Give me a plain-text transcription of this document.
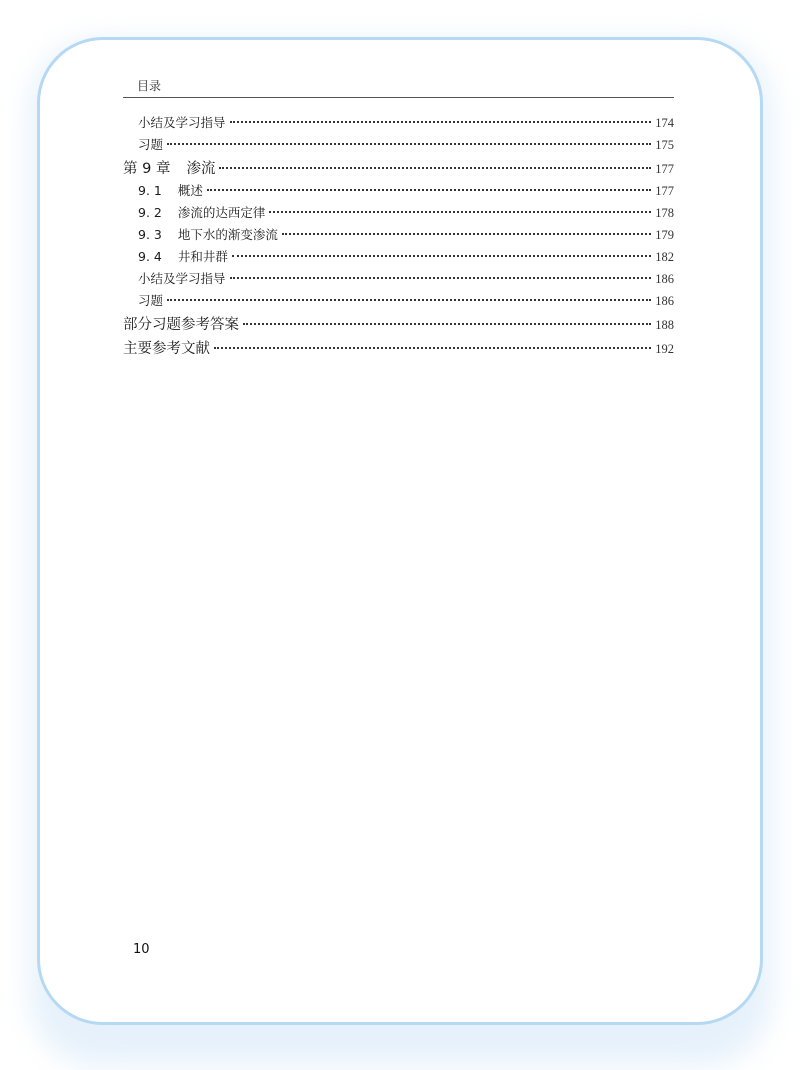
目录
小结及学习指导	174
习题	175
第 9 章 渗流	177
9. 1 概述	177
9. 2 渗流的达西定律	178
9. 3 地下水的渐变渗流	179
9. 4 井和井群	182
小结及学习指导	186
习题	186
部分习题参考答案	188
主要参考文献	192
10
